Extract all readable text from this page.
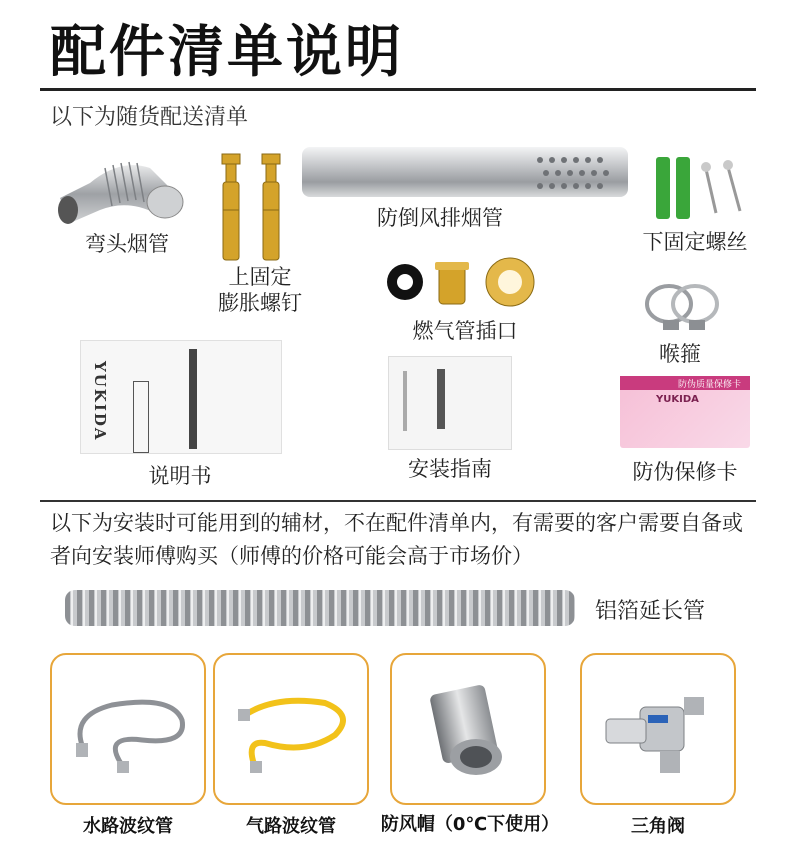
配件清单说明
以下为随货配送清单
弯头烟管
上固定
膨胀螺钉
防倒风排烟管
下固定螺丝
燃气管插口
喉箍
YUKIDA
说明书	安装指南
防伪质量保修卡
YUKIDA
防伪保修卡
以下为安装时可能用到的辅材，不在配件清单内，有需要的客户需要自备或者向安装师傅购买（师傅的价格可能会高于市场价）
铝箔延长管
水路波纹管	气路波纹管	防风帽（0℃下使用）	三角阀
